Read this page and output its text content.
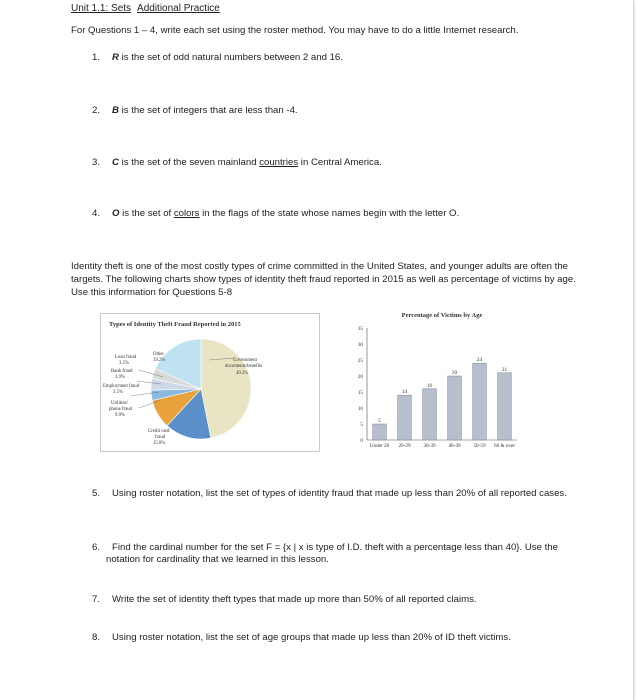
Unit 1.1: Sets Additional Practice
For Questions 1 – 4, write each set using the roster method. You may have to do a little Internet research.
1. R is the set of odd natural numbers between 2 and 16.
2. B is the set of integers that are less than -4.
3. C is the set of the seven mainland countries in Central America.
4. O is the set of colors in the flags of the state whose names begin with the letter O.
Identity theft is one of the most costly types of crime committed in the United States, and younger adults are often the targets. The following charts show types of identity theft fraud reported in 2015 as well as percentage of victims by age.
Use this information for Questions 5-8
Types of Identity Theft Fraud Reported in 2015
Government
documents/benefits
49.2%
Credit card
fraud
15.8%
Utilities/
phone fraud
9.9%
Employment fraud
3.5%
Bank fraud
3.9%
Loan fraud
3.5%
Other
19.2%
Percentage of Victims by Age
0
5
10
15
20
25
30
35
5
Under 20
14
20-29
16
30-39
20
40-49
24
50-59
21
60 & over
5. Using roster notation, list the set of types of identity fraud that made up less than 20% of all reported cases.
6. Find the cardinal number for the set F = {x | x is type of I.D. theft with a percentage less than 40}. Use the
notation for cardinality that we learned in this lesson.
7. Write the set of identity theft types that made up more than 50% of all reported claims.
8. Using roster notation, list the set of age groups that made up less than 20% of ID theft victims.
